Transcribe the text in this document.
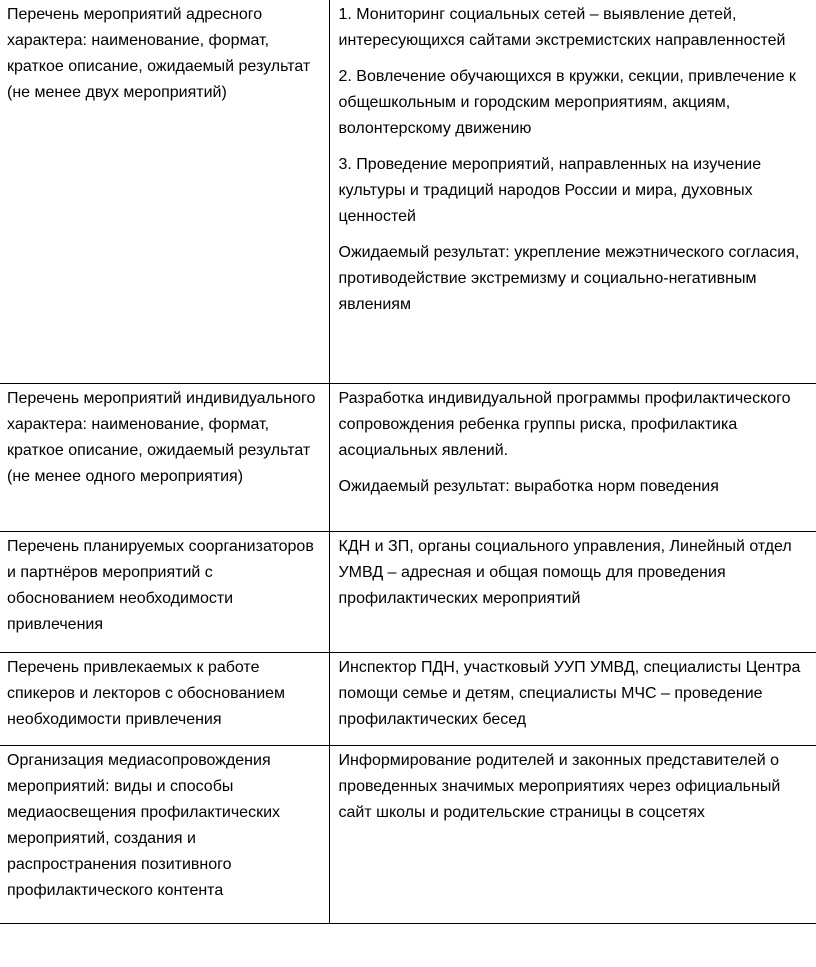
Перечень мероприятий адресного характера: наименование, формат, краткое описание, ожидаемый результат (не менее двух мероприятий)	1. Мониторинг социальных сетей – выявление детей, интересующихся сайтами экстремистских направленностей

2. Вовлечение обучающихся в кружки, секции, привлечение к общешкольным и городским мероприятиям, акциям, волонтерскому движению

3. Проведение мероприятий, направленных на изучение культуры и традиций народов России и мира, духовных ценностей

Ожидаемый результат: укрепление межэтнического согласия, противодействие экстремизму и социально-негативным явлениям

Перечень мероприятий индивидуального характера: наименование, формат, краткое описание, ожидаемый результат (не менее одного мероприятия)	Разработка индивидуальной программы профилактического сопровождения ребенка группы риска, профилактика асоциальных явлений.

Ожидаемый результат: выработка норм поведения

Перечень планируемых соорганизаторов и партнёров мероприятий с обоснованием необходимости привлечения	КДН и ЗП, органы социального управления, Линейный отдел УМВД – адресная и общая помощь для проведения профилактических мероприятий

Перечень привлекаемых к работе спикеров и лекторов с обоснованием необходимости привлечения	Инспектор ПДН, участковый УУП УМВД, специалисты Центра помощи семье и детям, специалисты МЧС – проведение профилактических бесед

Организация медиасопровождения мероприятий: виды и способы медиаосвещения профилактических мероприятий, создания и распространения позитивного профилактического контента	Информирование родителей и законных представителей о проведенных значимых мероприятиях через официальный сайт школы и родительские страницы в соцсетях
